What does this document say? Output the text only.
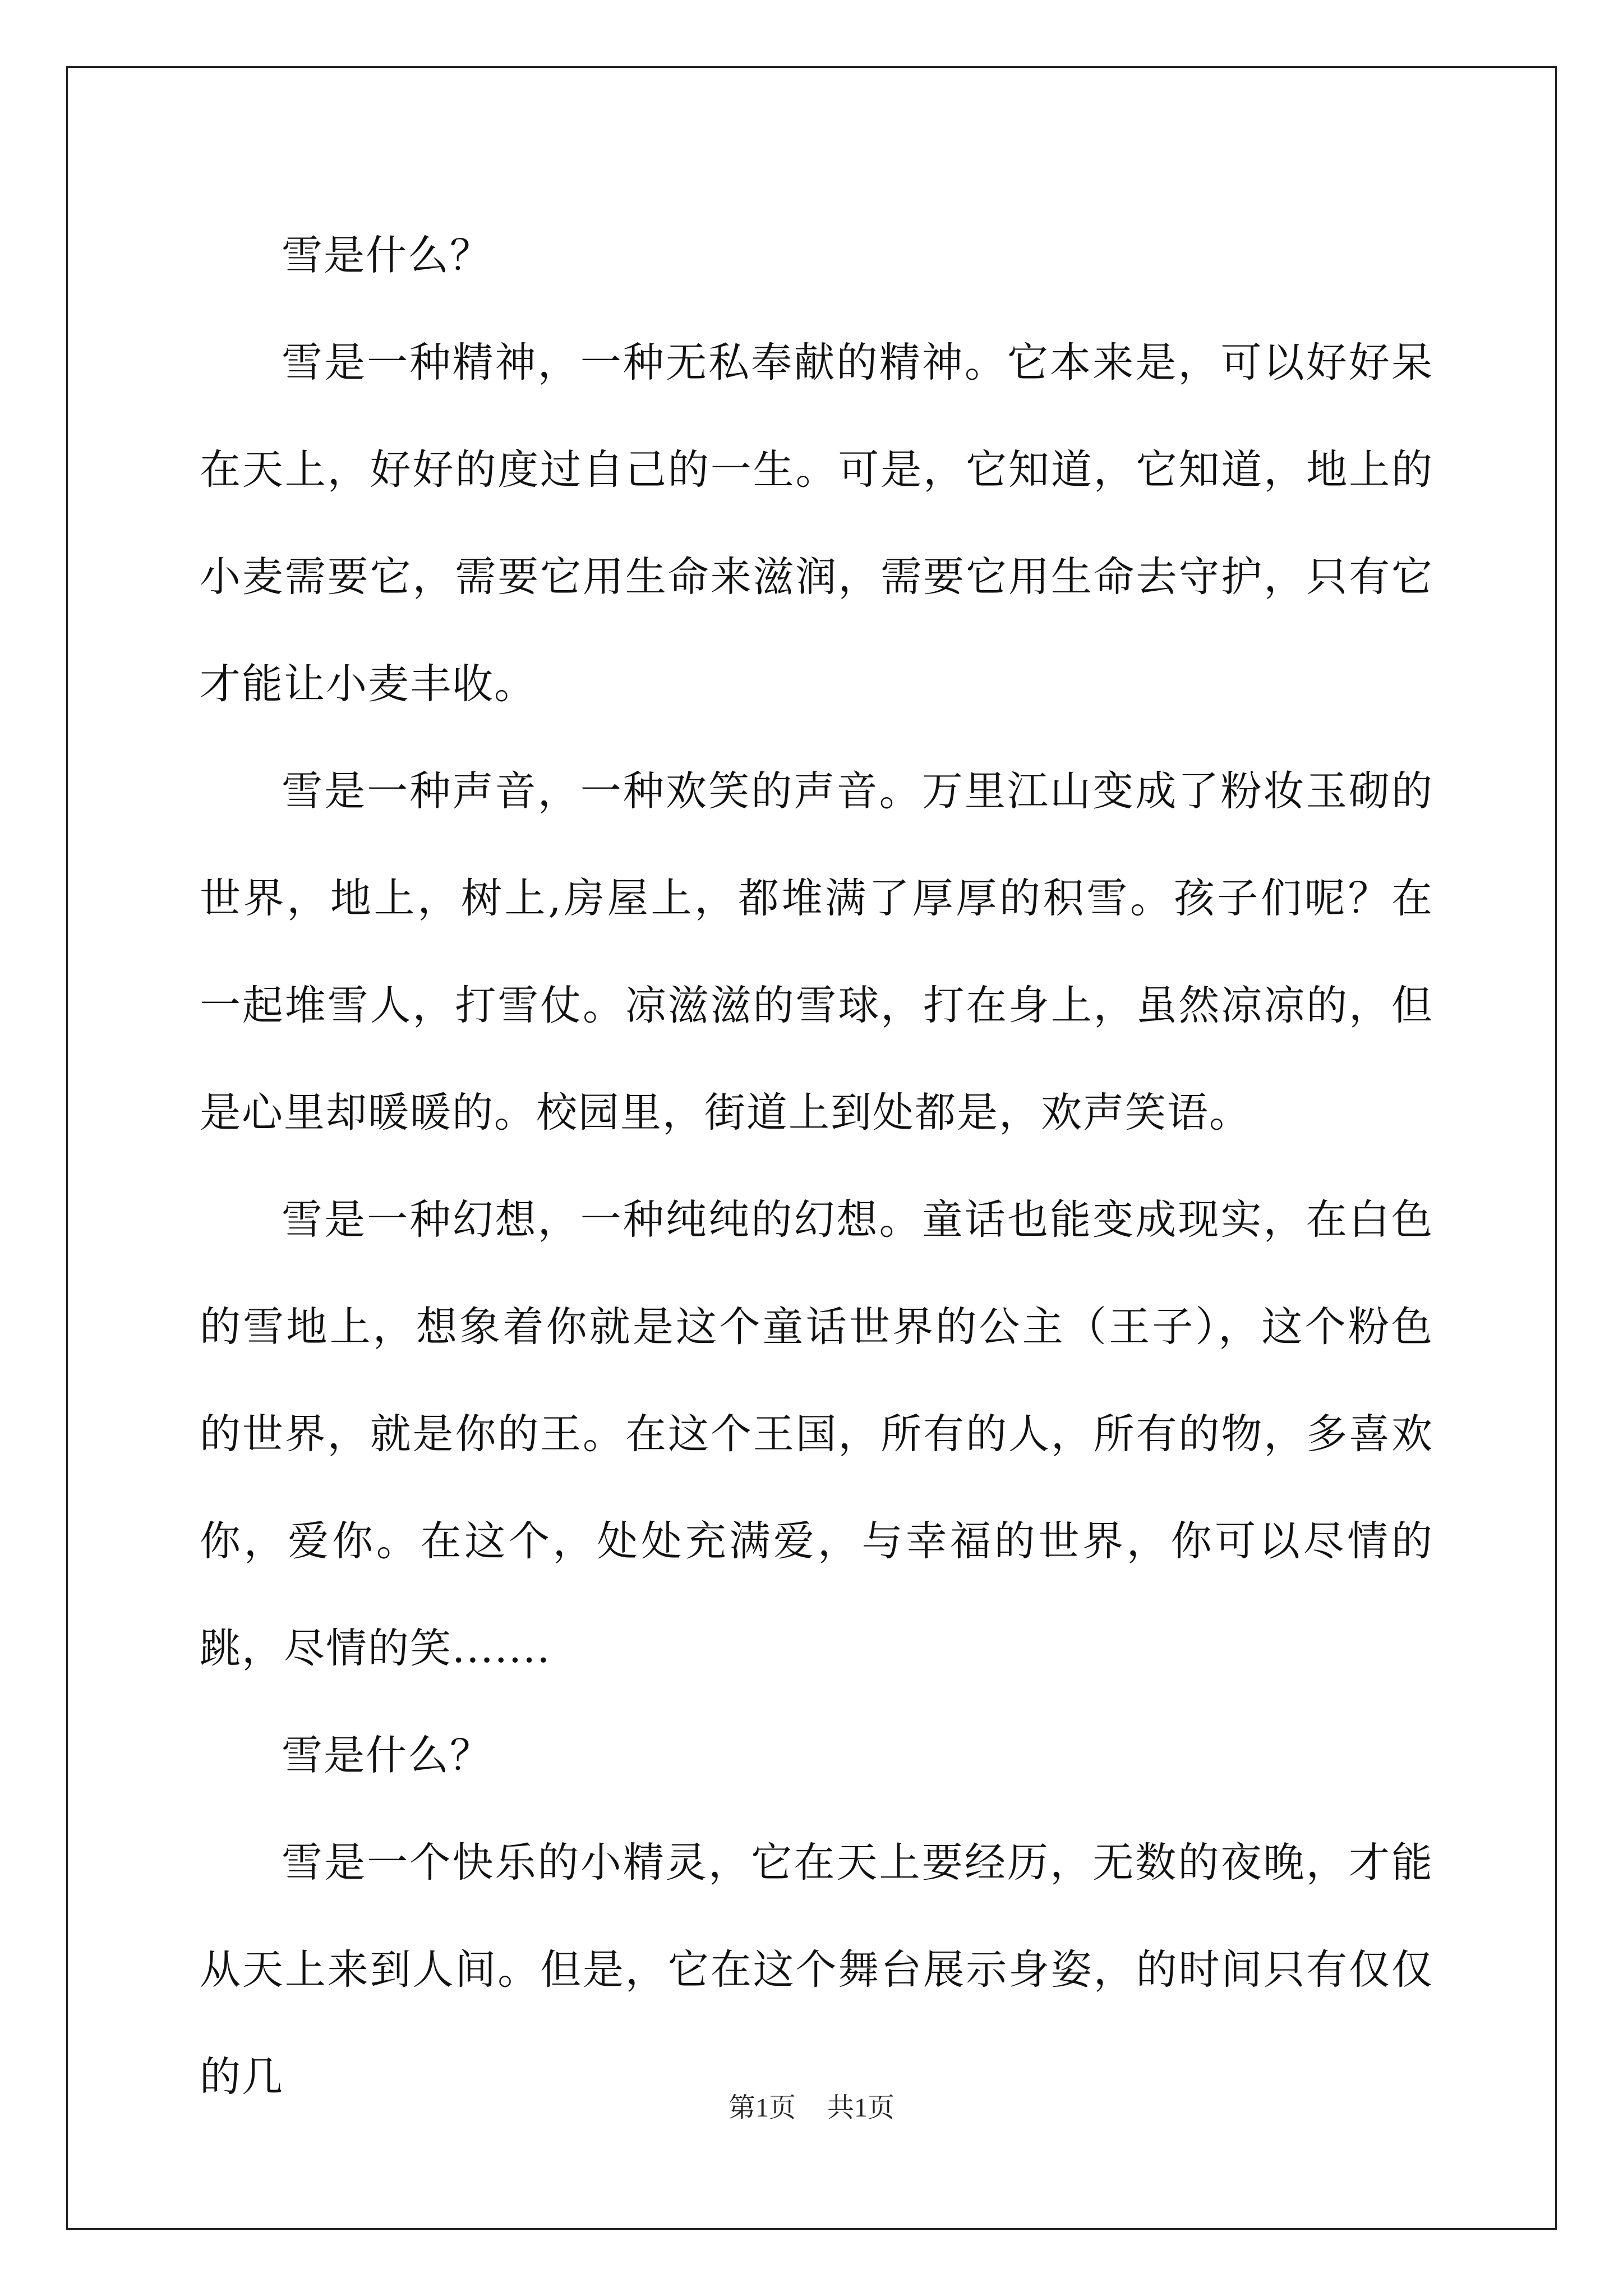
雪是什么？

雪是一种精神，一种无私奉献的精神。它本来是，可以好好呆在天上，好好的度过自己的一生。可是，它知道，它知道，地上的小麦需要它，需要它用生命来滋润，需要它用生命去守护，只有它才能让小麦丰收。

雪是一种声音，一种欢笑的声音。万里江山变成了粉妆玉砌的世界，地上，树上,房屋上，都堆满了厚厚的积雪。孩子们呢？在一起堆雪人，打雪仗。凉滋滋的雪球，打在身上，虽然凉凉的，但是心里却暖暖的。校园里，街道上到处都是，欢声笑语。

雪是一种幻想，一种纯纯的幻想。童话也能变成现实，在白色的雪地上，想象着你就是这个童话世界的公主（王子），这个粉色的世界，就是你的王。在这个王国，所有的人，所有的物，多喜欢你，爱你。在这个，处处充满爱，与幸福的世界，你可以尽情的跳，尽情的笑.......

雪是什么？

雪是一个快乐的小精灵，它在天上要经历，无数的夜晚，才能从天上来到人间。但是，它在这个舞台展示身姿，的时间只有仅仅的几

第1页 共1页
